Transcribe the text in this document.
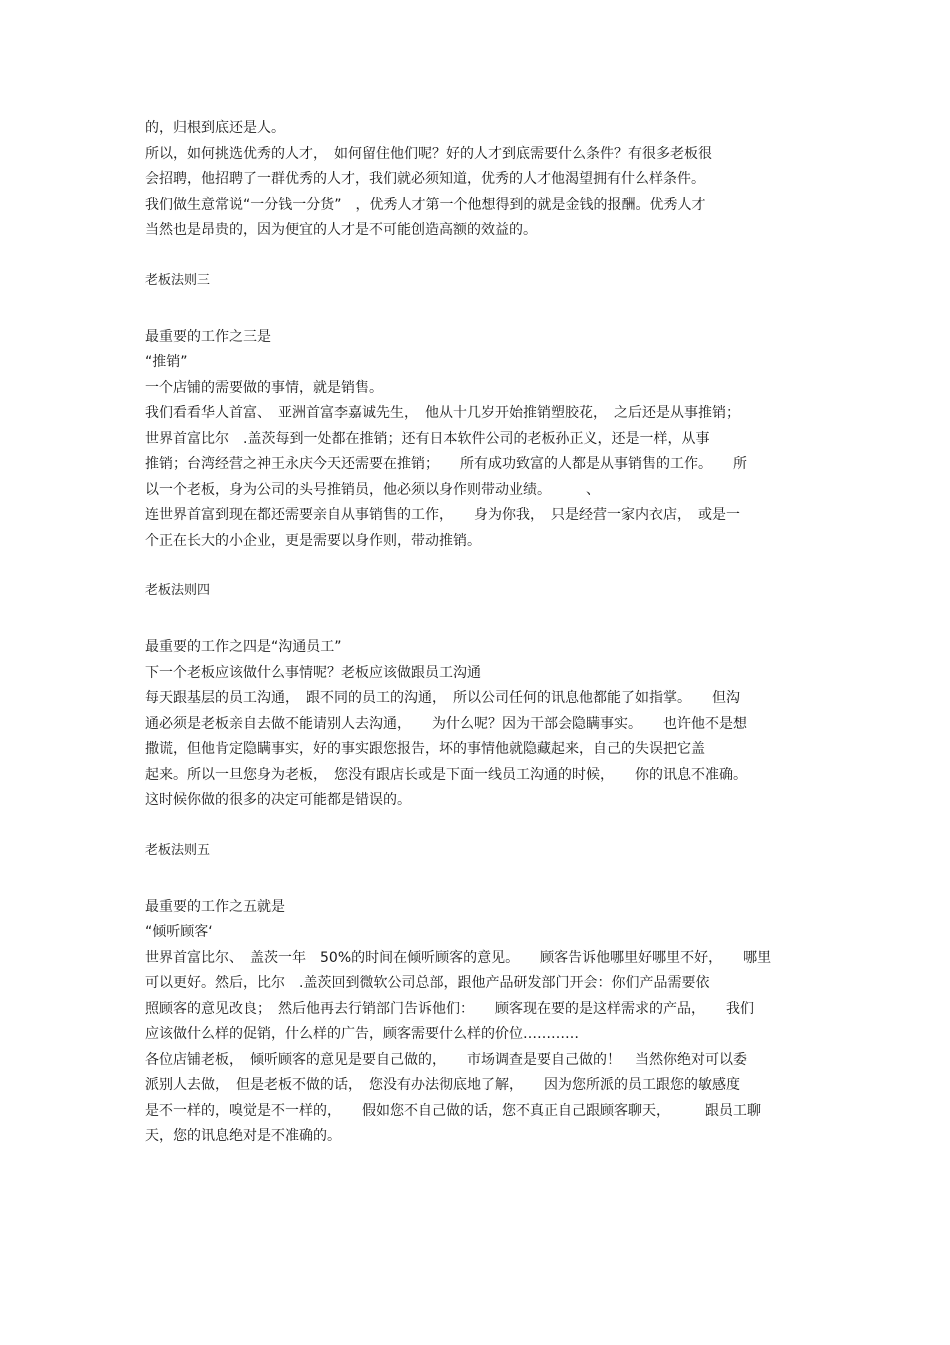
的，归根到底还是人。
所以，如何挑选优秀的人才，　如何留住他们呢？好的人才到底需要什么条件？有很多老板很
会招聘，他招聘了一群优秀的人才，我们就必须知道，优秀的人才他渴望拥有什么样条件。
我们做生意常说“一分钱一分货”　，优秀人才第一个他想得到的就是金钱的报酬。优秀人才
当然也是昂贵的，因为便宜的人才是不可能创造高额的效益的。
老板法则三
最重要的工作之三是
“推销”
一个店铺的需要做的事情，就是销售。
我们看看华人首富、　亚洲首富李嘉诚先生，　他从十几岁开始推销塑胶花，　之后还是从事推销；
世界首富比尔　.盖茨每到一处都在推销；还有日本软件公司的老板孙正义，还是一样，从事
推销；台湾经营之神王永庆今天还需要在推销；　　所有成功致富的人都是从事销售的工作。　　所
以一个老板，身为公司的头号推销员，他必须以身作则带动业绩。　　　、
连世界首富到现在都还需要亲自从事销售的工作，　　身为你我，　只是经营一家内衣店，　或是一
个正在长大的小企业，更是需要以身作则，带动推销。
老板法则四
最重要的工作之四是“沟通员工”
下一个老板应该做什么事情呢？老板应该做跟员工沟通
每天跟基层的员工沟通，　跟不同的员工的沟通，　所以公司任何的讯息他都能了如指掌。　　但沟
通必须是老板亲自去做不能请别人去沟通，　　为什么呢？因为干部会隐瞒事实。　　也许他不是想
撒谎，但他肯定隐瞒事实，好的事实跟您报告，坏的事情他就隐藏起来，自己的失误把它盖
起来。所以一旦您身为老板，　您没有跟店长或是下面一线员工沟通的时候，　　你的讯息不准确。
这时候你做的很多的决定可能都是错误的。
老板法则五
最重要的工作之五就是
“倾听顾客‘
世界首富比尔、　盖茨一年　50%的时间在倾听顾客的意见。　　顾客告诉他哪里好哪里不好，　　哪里
可以更好。然后，比尔　.盖茨回到微软公司总部，跟他产品研发部门开会：你们产品需要依
照顾客的意见改良；　然后他再去行销部门告诉他们：　　顾客现在要的是这样需求的产品，　　我们
应该做什么样的促销，什么样的广告，顾客需要什么样的价位…………
各位店铺老板，　倾听顾客的意见是要自己做的，　　市场调查是要自己做的！　当然你绝对可以委
派别人去做，　但是老板不做的话，　您没有办法彻底地了解，　　因为您所派的员工跟您的敏感度
是不一样的，嗅觉是不一样的，　　假如您不自己做的话，您不真正自己跟顾客聊天，　　　跟员工聊
天，您的讯息绝对是不准确的。
